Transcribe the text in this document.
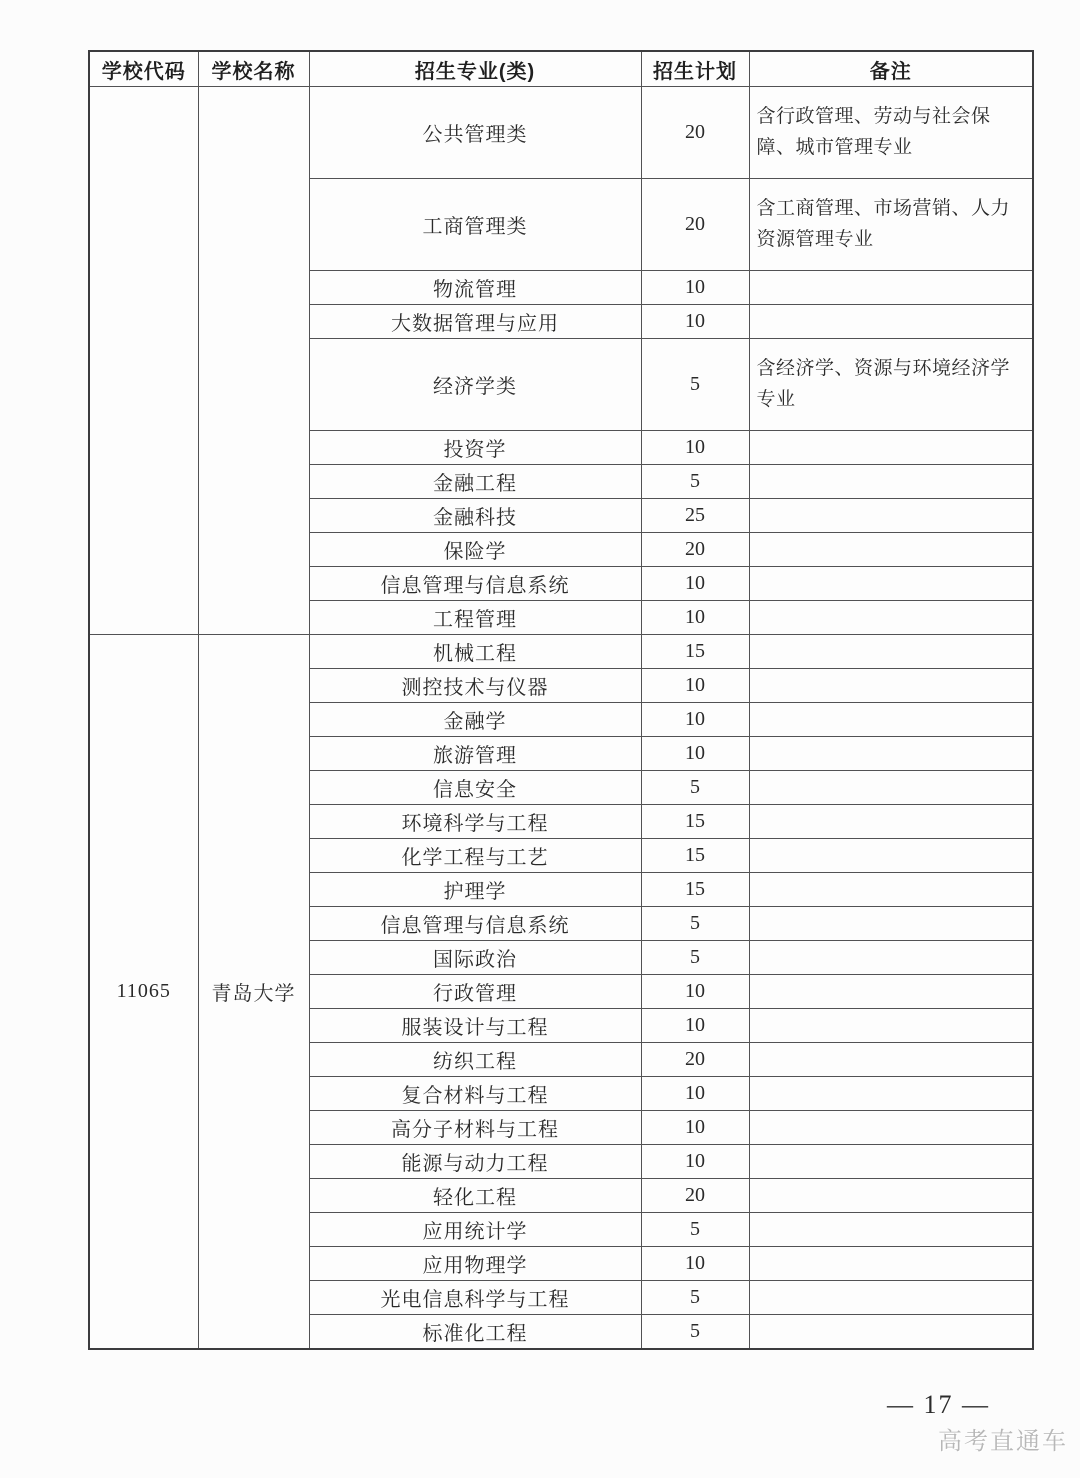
学校代码	学校名称	招生专业(类)	招生计划	备注
		公共管理类	20	含行政管理、劳动与社会保障、城市管理专业
		工商管理类	20	含工商管理、市场营销、人力资源管理专业
		物流管理	10	
		大数据管理与应用	10	
		经济学类	5	含经济学、资源与环境经济学专业
		投资学	10	
		金融工程	5	
		金融科技	25	
		保险学	20	
		信息管理与信息系统	10	
		工程管理	10	
11065	青岛大学	机械工程	15	
		测控技术与仪器	10	
		金融学	10	
		旅游管理	10	
		信息安全	5	
		环境科学与工程	15	
		化学工程与工艺	15	
		护理学	15	
		信息管理与信息系统	5	
		国际政治	5	
		行政管理	10	
		服装设计与工程	10	
		纺织工程	20	
		复合材料与工程	10	
		高分子材料与工程	10	
		能源与动力工程	10	
		轻化工程	20	
		应用统计学	5	
		应用物理学	10	
		光电信息科学与工程	5	
		标准化工程	5	
— 17 —
高考直通车
